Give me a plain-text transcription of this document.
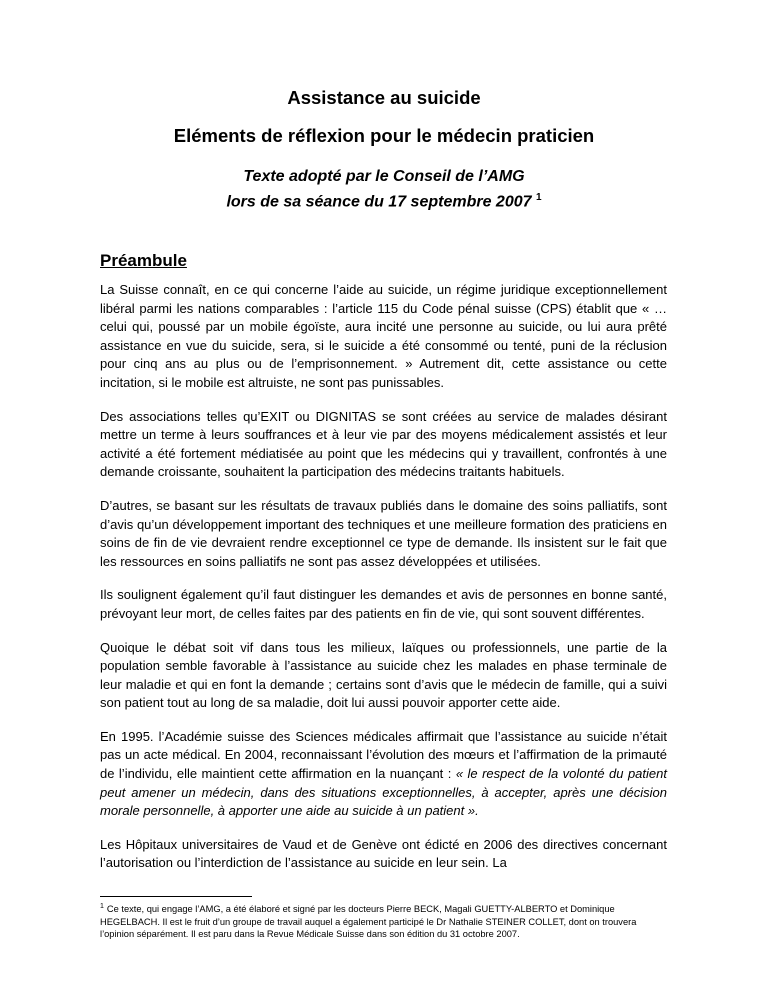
Assistance au suicide
Eléments de réflexion pour le médecin praticien

Texte adopté par le Conseil de l’AMG

lors de sa séance du 17 septembre 2007 $^1$

Préambule

La Suisse connaît, en ce qui concerne l’aide au suicide, un régime juridique exceptionnellement libéral parmi les nations comparables : l’article 115 du Code pénal suisse (CPS) établit que « …celui qui, poussé par un mobile égoïste, aura incité une personne au suicide, ou lui aura prêté assistance en vue du suicide, sera, si le suicide a été consommé ou tenté, puni de la réclusion pour cinq ans au plus ou de l’emprisonnement. » Autrement dit, cette assistance ou cette incitation, si le mobile est altruiste, ne sont pas punissables.

Des associations telles qu’EXIT ou DIGNITAS se sont créées au service de malades désirant mettre un terme à leurs souffrances et à leur vie par des moyens médicalement assistés et leur activité a été fortement médiatisée au point que les médecins qui y travaillent, confrontés à une demande croissante, souhaitent la participation des médecins traitants habituels.

D’autres, se basant sur les résultats de travaux publiés dans le domaine des soins palliatifs, sont d’avis qu’un développement important des techniques et une meilleure formation des praticiens en soins de fin de vie devraient rendre exceptionnel ce type de demande. Ils insistent sur le fait que les ressources en soins palliatifs ne sont pas assez développées et utilisées.

Ils soulignent également qu’il faut distinguer les demandes et avis de personnes en bonne santé, prévoyant leur mort, de celles faites par des patients en fin de vie, qui sont souvent différentes.

Quoique le débat soit vif dans tous les milieux, laïques ou professionnels, une partie de la population semble favorable à l’assistance au suicide chez les malades en phase terminale de leur maladie et qui en font la demande ; certains sont d’avis que le médecin de famille, qui a suivi son patient tout au long de sa maladie, doit lui aussi pouvoir apporter cette aide.

En 1995. l’Académie suisse des Sciences médicales affirmait que l’assistance au suicide n’était pas un acte médical. En 2004, reconnaissant l’évolution des mœurs et l’affirmation de la primauté de l’individu, elle maintient cette affirmation en la nuançant : « le respect de la volonté du patient peut amener un médecin, dans des situations exceptionnelles, à accepter, après une décision morale personnelle, à apporter une aide au suicide à un patient ».

Les Hôpitaux universitaires de Vaud et de Genève ont édicté en 2006 des directives concernant l’autorisation ou l’interdiction de l’assistance au suicide en leur sein. La

$^1$ Ce texte, qui engage l’AMG, a été élaboré et signé par les docteurs Pierre BECK, Magali GUETTY-ALBERTO et Dominique HEGELBACH. Il est le fruit d’un groupe de travail auquel a également participé le Dr Nathalie STEINER COLLET, dont on trouvera l’opinion séparément. Il est paru dans la Revue Médicale Suisse dans son édition du 31 octobre 2007.
